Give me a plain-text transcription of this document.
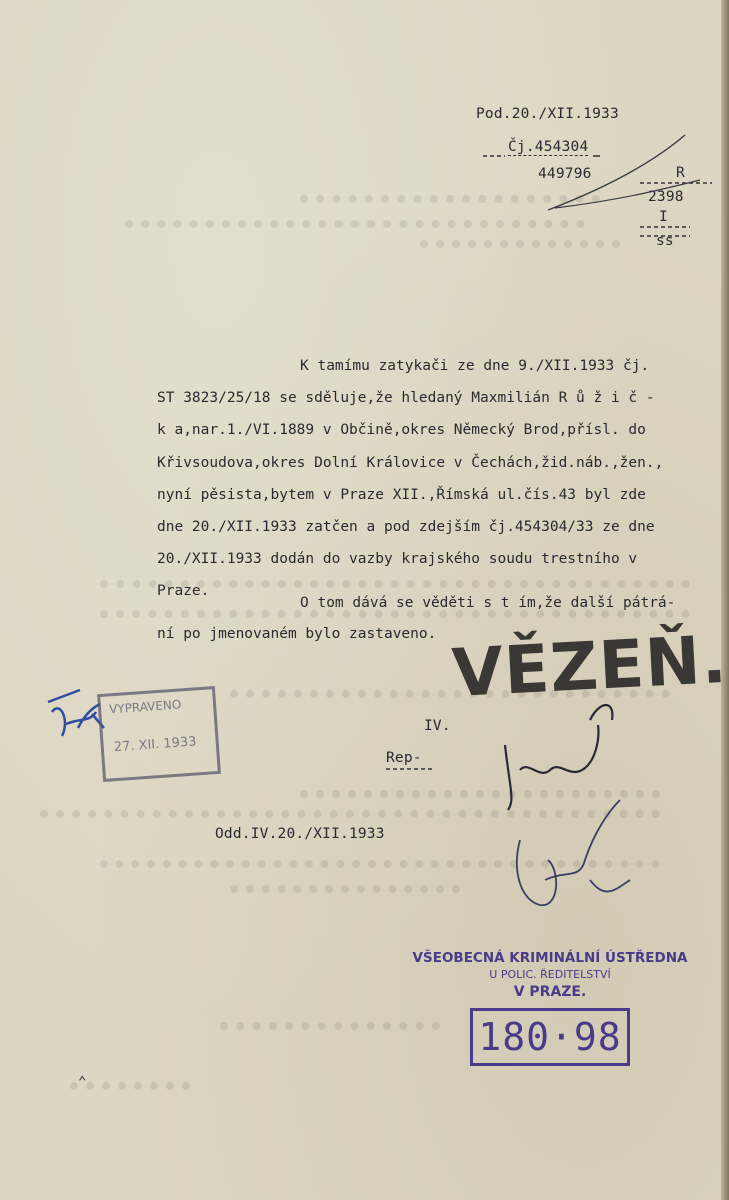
Pod.20./XII.1933
Čj.454304
449796	R
2398
I
ss
K tamímu zatykači ze dne 9./XII.1933 čj.
ST 3823/25/18 se sděluje,že hledaný Maxmilián R ů ž i č -
k a,nar.1./VI.1889 v Občině,okres Německý Brod,přísl. do
Křivsoudova,okres Dolní Královice v Čechách,žid.náb.,žen.,
nyní pěsista,bytem v Praze XII.,Římská ul.čís.43 byl zde
dne 20./XII.1933 zatčen a pod zdejším čj.454304/33 ze dne
20./XII.1933 dodán do vazby krajského soudu trestního v
Praze.
O tom dává se věděti s t ím,že další pátrá-
ní po jmenovaném bylo zastaveno.
IV.
Rep-
Odd.IV.20./XII.1933
VĚZEŇ.
VYPRAVENO
27. XII. 1933
VŠEOBECNÁ KRIMINÁLNÍ ÚSTŘEDNA
U POLIC. ŘEDITELSTVÍ
V PRAZE.
180·98
⌃
